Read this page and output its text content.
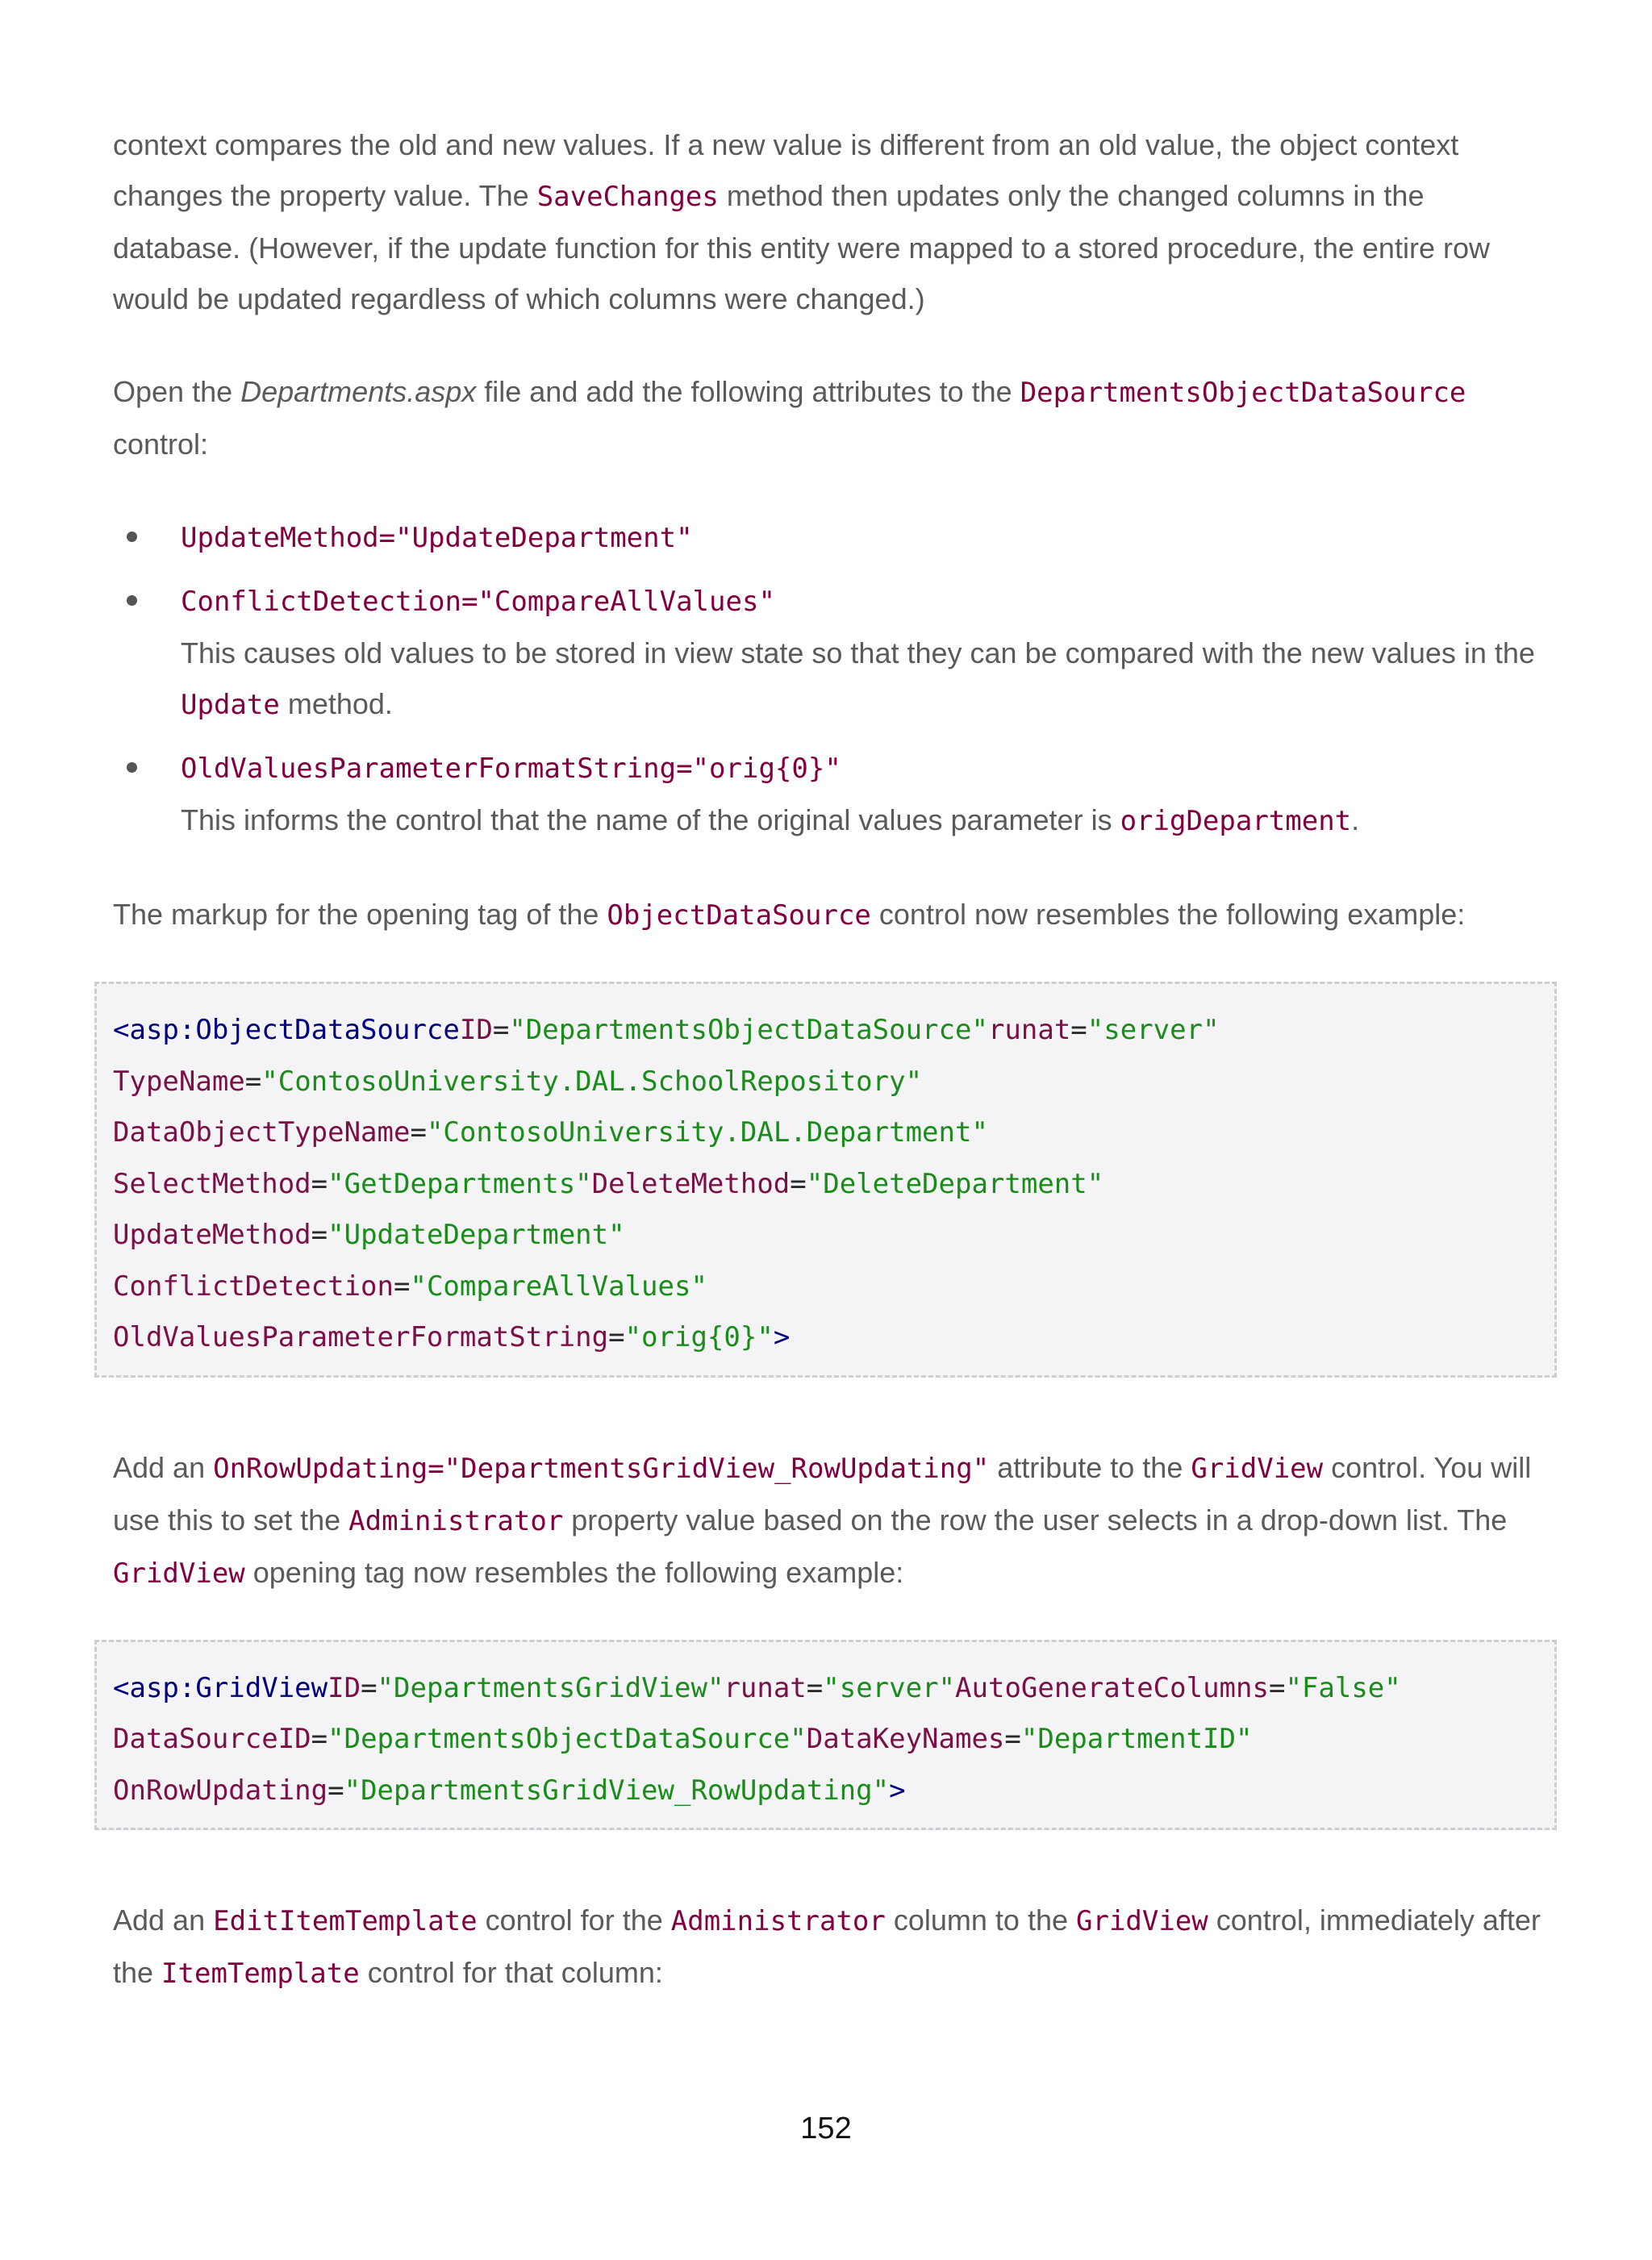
context compares the old and new values. If a new value is different from an old value, the object context changes the property value. The SaveChanges method then updates only the changed columns in the database. (However, if the update function for this entity were mapped to a stored procedure, the entire row would be updated regardless of which columns were changed.)

Open the Departments.aspx file and add the following attributes to the DepartmentsObjectDataSource
control:

UpdateMethod="UpdateDepartment"
ConflictDetection="CompareAllValues"
This causes old values to be stored in view state so that they can be compared with the new values in the Update method.
OldValuesParameterFormatString="orig{0}"
This informs the control that the name of the original values parameter is origDepartment.

The markup for the opening tag of the ObjectDataSource control now resembles the following example:

<asp:ObjectDataSourceID="DepartmentsObjectDataSource"runat="server"
TypeName="ContosoUniversity.DAL.SchoolRepository"
DataObjectTypeName="ContosoUniversity.DAL.Department"
SelectMethod="GetDepartments"DeleteMethod="DeleteDepartment"
UpdateMethod="UpdateDepartment"
ConflictDetection="CompareAllValues"
OldValuesParameterFormatString="orig{0}">

Add an OnRowUpdating="DepartmentsGridView_RowUpdating" attribute to the GridView control. You will use this to set the Administrator property value based on the row the user selects in a drop-down list. The GridView opening tag now resembles the following example:

<asp:GridViewID="DepartmentsGridView"runat="server"AutoGenerateColumns="False"
DataSourceID="DepartmentsObjectDataSource"DataKeyNames="DepartmentID"
OnRowUpdating="DepartmentsGridView_RowUpdating">

Add an EditItemTemplate control for the Administrator column to the GridView control, immediately after the ItemTemplate control for that column:

152
